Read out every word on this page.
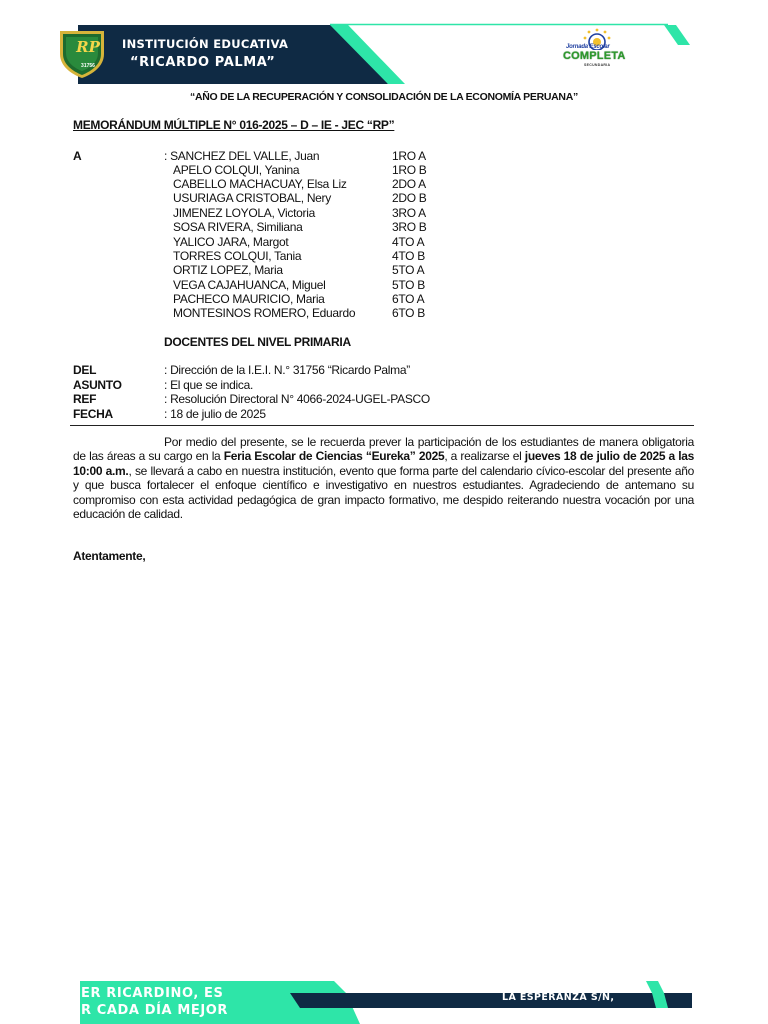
RP
31756
INSTITUCIÓN EDUCATIVA
“RICARDO PALMA”
Jornada Escolar
COMPLETA
SECUNDARIA
“AÑO DE LA RECUPERACIÓN Y CONSOLIDACIÓN DE LA ECONOMÍA PERUANA”
MEMORÁNDUM MÚLTIPLE N° 016-2025 – D – IE - JEC “RP”
A	: SANCHEZ DEL VALLE, Juan	1RO A
APELO COLQUI, Yanina	1RO B
CABELLO MACHACUAY, Elsa Liz	2DO A
USURIAGA CRISTOBAL, Nery	2DO B
JIMENEZ LOYOLA, Victoria	3RO A
SOSA RIVERA, Similiana	3RO B
YALICO JARA, Margot	4TO A
TORRES COLQUI, Tania	4TO B
ORTIZ LOPEZ, Maria	5TO A
VEGA CAJAHUANCA, Miguel	5TO B
PACHECO MAURICIO, Maria	6TO A
MONTESINOS ROMERO, Eduardo	6TO B
DOCENTES DEL NIVEL PRIMARIA
DEL	: Dirección de la I.E.I. N.° 31756 “Ricardo Palma”
ASUNTO	: El que se indica.
REF	: Resolución Directoral N° 4066-2024-UGEL-PASCO
FECHA	: 18 de julio de 2025
Por medio del presente, se le recuerda prever la participación de los estudiantes de manera obligatoria de las áreas a su cargo en la Feria Escolar de Ciencias “Eureka” 2025, a realizarse el jueves 18 de julio de 2025 a las 10:00 a.m., se llevará a cabo en nuestra institución, evento que forma parte del calendario cívico-escolar del presente año y que busca fortalecer el enfoque científico e investigativo en nuestros estudiantes. Agradeciendo de antemano su compromiso con esta actividad pedagógica de gran impacto formativo, me despido reiterando nuestra vocación por una educación de calidad.
Atentamente,
ER RICARDINO, ES
R CADA DÍA MEJOR
LA ESPERANZA S/N,
